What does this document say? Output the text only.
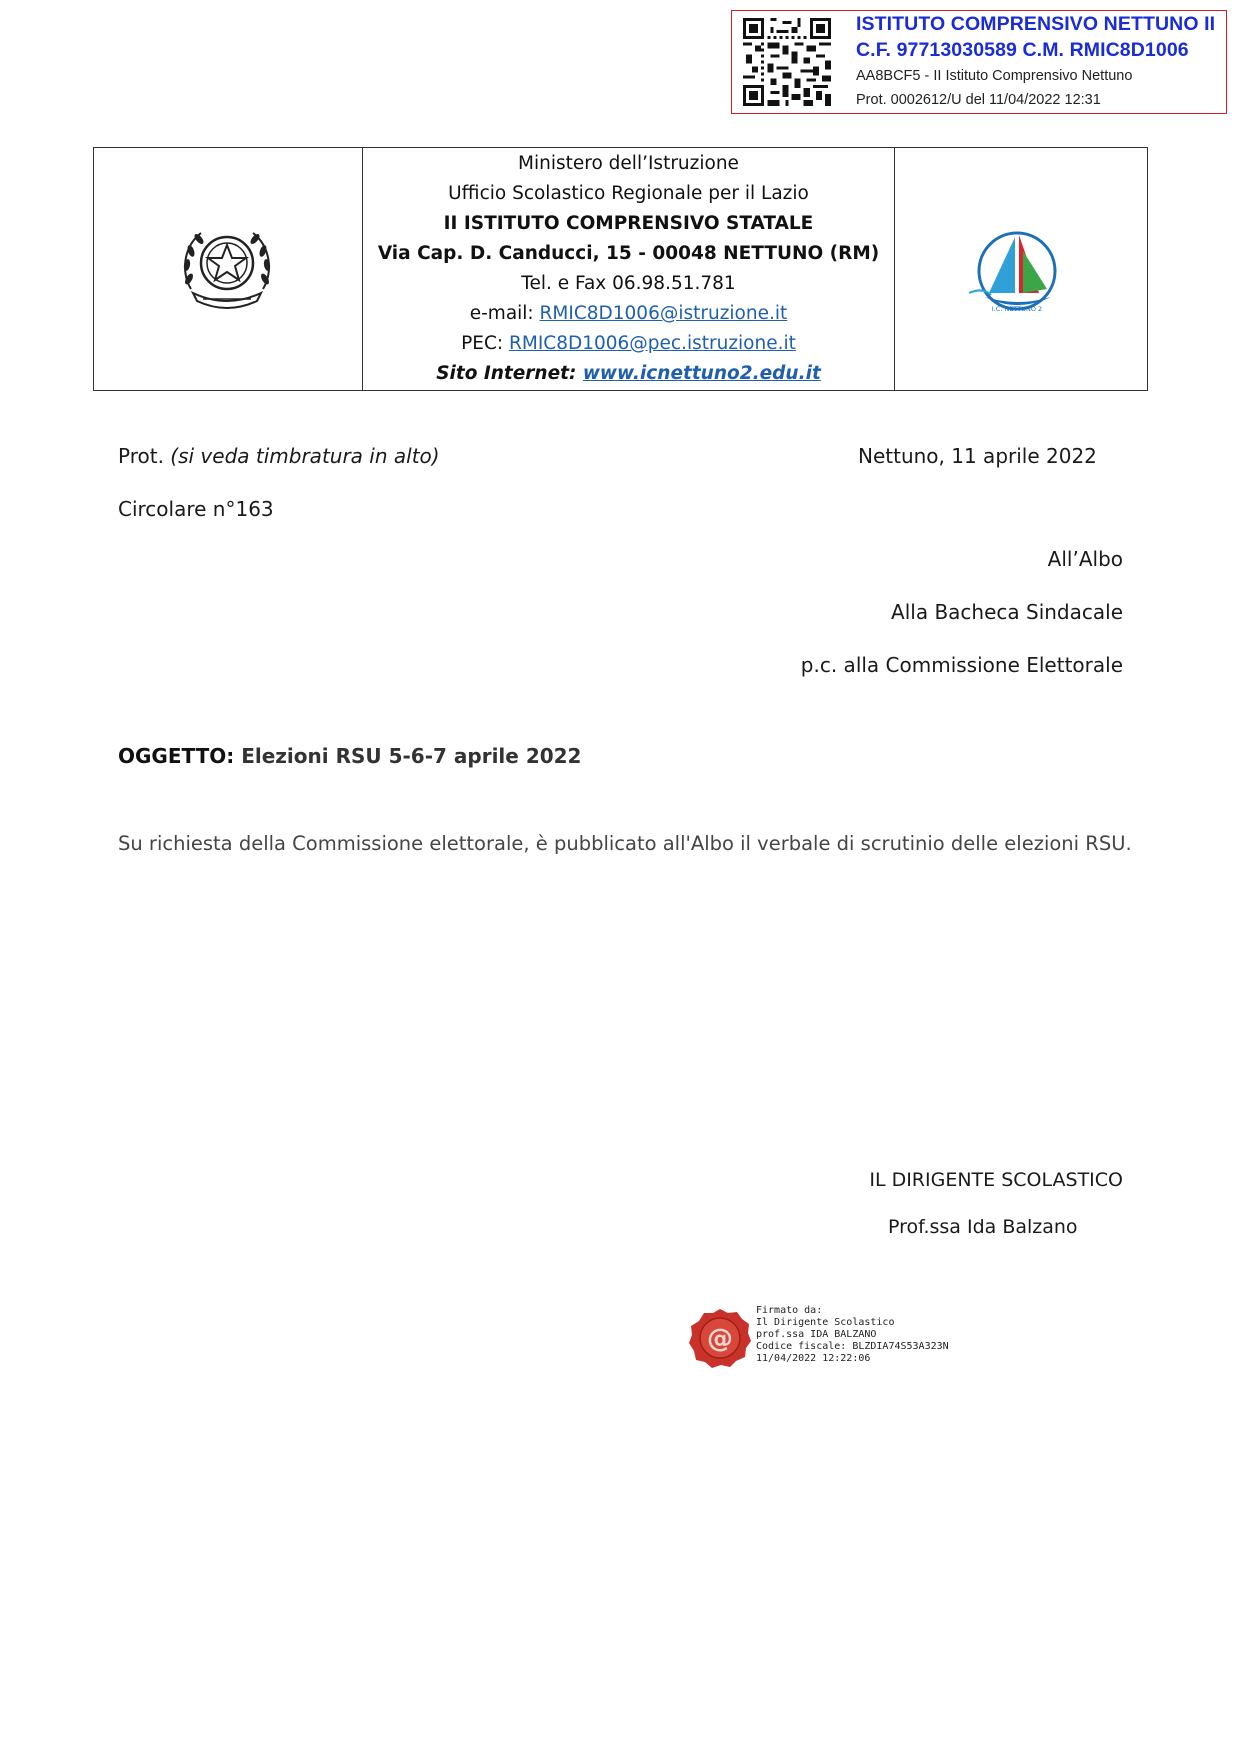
ISTITUTO COMPRENSIVO NETTUNO II
C.F. 97713030589 C.M. RMIC8D1006
AA8BCF5 - II Istituto Comprensivo Nettuno
Prot. 0002612/U del 11/04/2022 12:31
Ministero dell’Istruzione
Ufficio Scolastico Regionale per il Lazio
II ISTITUTO COMPRENSIVO STATALE
Via Cap. D. Canducci, 15 - 00048 NETTUNO (RM)
Tel. e Fax 06.98.51.781
e-mail: RMIC8D1006@istruzione.it
PEC: RMIC8D1006@pec.istruzione.it
Sito Internet: www.icnettuno2.edu.it
I.C. NETTUNO 2
Prot. (si veda timbratura in alto)	Nettuno, 11 aprile 2022
Circolare n°163
All’Albo
Alla Bacheca Sindacale
p.c. alla Commissione Elettorale
OGGETTO: Elezioni RSU 5-6-7 aprile 2022
Su richiesta della Commissione elettorale, è pubblicato all'Albo il verbale di scrutinio delle elezioni RSU.
IL DIRIGENTE SCOLASTICO
Prof.ssa Ida Balzano
@
Firmato da:
Il Dirigente Scolastico
prof.ssa IDA BALZANO
Codice fiscale: BLZDIA74S53A323N
11/04/2022 12:22:06
